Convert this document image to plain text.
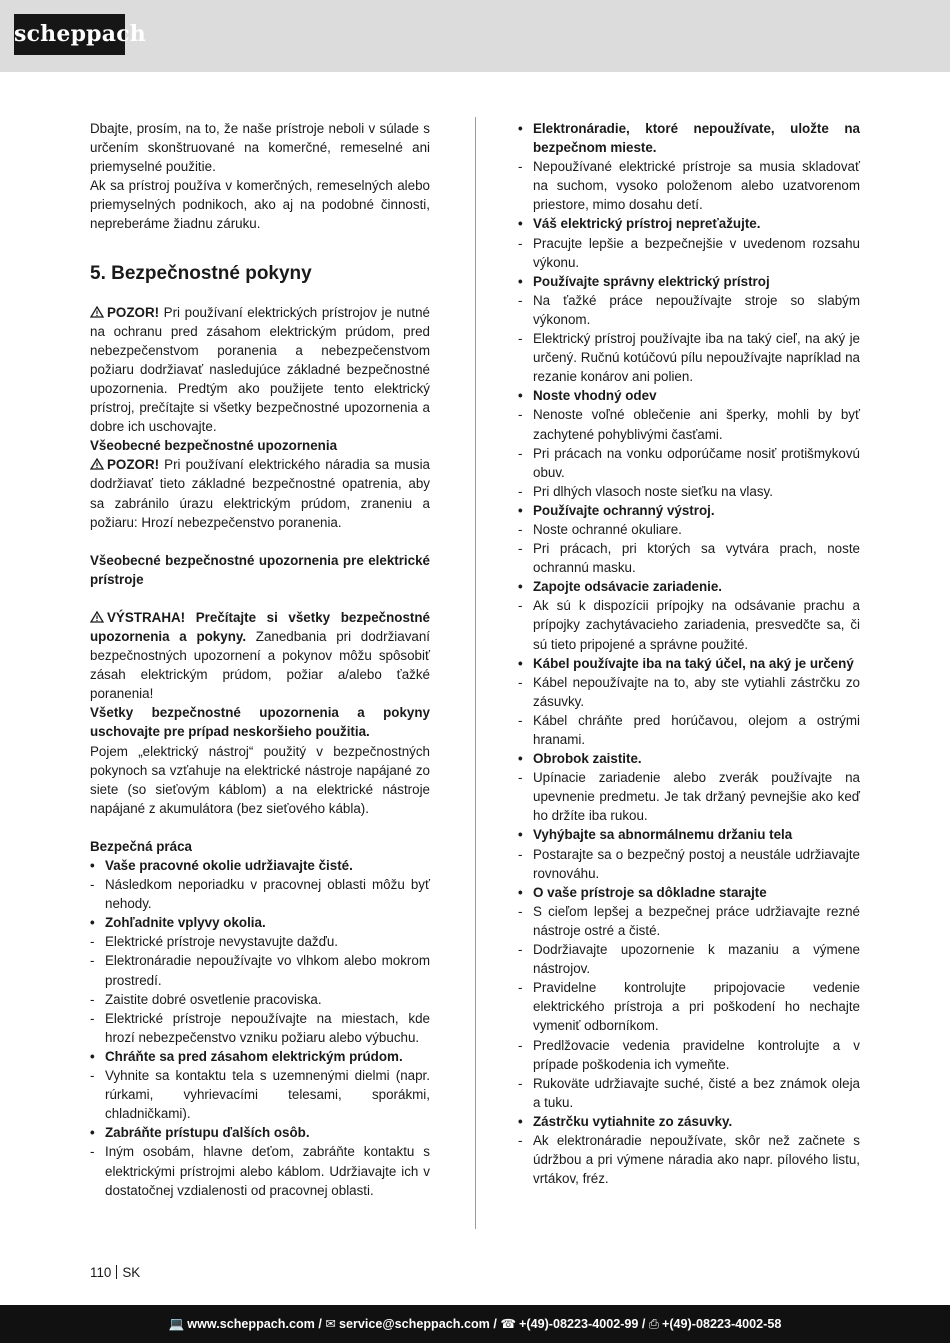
scheppach

Dbajte, prosím, na to, že naše prístroje neboli v súlade s určením skonštruované na komerčné, remeselné ani priemyselné použitie.

Ak sa prístroj používa v komerčných, remeselných alebo priemyselných podnikoch, ako aj na podobné činnosti, nepreberáme žiadnu záruku.

5. Bezpečnostné pokyny

POZOR! Pri používaní elektrických prístrojov je nutné na ochranu pred zásahom elektrickým prúdom, pred nebezpečenstvom poranenia a nebezpečenstvom požiaru dodržiavať nasledujúce základné bezpečnostné upozornenia. Predtým ako použijete tento elektrický prístroj, prečítajte si všetky bezpečnostné upozornenia a dobre ich uschovajte.

Všeobecné bezpečnostné upozornenia

POZOR! Pri používaní elektrického náradia sa musia dodržiavať tieto základné bezpečnostné opatrenia, aby sa zabránilo úrazu elektrickým prúdom, zraneniu a požiaru: Hrozí nebezpečenstvo poranenia.

Všeobecné bezpečnostné upozornenia pre elektrické prístroje

VÝSTRAHA! Prečítajte si všetky bezpečnostné upozornenia a pokyny. Zanedbania pri dodržiavaní bezpečnostných upozornení a pokynov môžu spôsobiť zásah elektrickým prúdom, požiar a/alebo ťažké poranenia!

Všetky bezpečnostné upozornenia a pokyny uschovajte pre prípad neskoršieho použitia.

Pojem „elektrický nástroj“ použitý v bezpečnostných pokynoch sa vzťahuje na elektrické nástroje napájané zo siete (so sieťovým káblom) a na elektrické nástroje napájané z akumulátora (bez sieťového kábla).

Bezpečná práca

• Vaše pracovné okolie udržiavajte čisté.
- Následkom neporiadku v pracovnej oblasti môžu byť nehody.
• Zohľadnite vplyvy okolia.
- Elektrické prístroje nevystavujte dažďu.
- Elektronáradie nepoužívajte vo vlhkom alebo mokrom prostredí.
- Zaistite dobré osvetlenie pracoviska.
- Elektrické prístroje nepoužívajte na miestach, kde hrozí nebezpečenstvo vzniku požiaru alebo výbuchu.
• Chráňte sa pred zásahom elektrickým prúdom.
- Vyhnite sa kontaktu tela s uzemnenými dielmi (napr. rúrkami, vyhrievacími telesami, sporákmi, chladničkami).
• Zabráňte prístupu ďalších osôb.
- Iným osobám, hlavne deťom, zabráňte kontaktu s elektrickými prístrojmi alebo káblom. Udržiavajte ich v dostatočnej vzdialenosti od pracovnej oblasti.
• Elektronáradie, ktoré nepoužívate, uložte na bezpečnom mieste.
- Nepoužívané elektrické prístroje sa musia skladovať na suchom, vysoko položenom alebo uzatvorenom priestore, mimo dosahu detí.
• Váš elektrický prístroj nepreťažujte.
- Pracujte lepšie a bezpečnejšie v uvedenom rozsahu výkonu.
• Používajte správny elektrický prístroj
- Na ťažké práce nepoužívajte stroje so slabým výkonom.
- Elektrický prístroj používajte iba na taký cieľ, na aký je určený. Ručnú kotúčovú pílu nepoužívajte napríklad na rezanie konárov ani polien.
• Noste vhodný odev
- Nenoste voľné oblečenie ani šperky, mohli by byť zachytené pohyblivými časťami.
- Pri prácach na vonku odporúčame nosiť protišmykovú obuv.
- Pri dlhých vlasoch noste sieťku na vlasy.
• Používajte ochranný výstroj.
- Noste ochranné okuliare.
- Pri prácach, pri ktorých sa vytvára prach, noste ochrannú masku.
• Zapojte odsávacie zariadenie.
- Ak sú k dispozícii prípojky na odsávanie prachu a prípojky zachytávacieho zariadenia, presvedčte sa, či sú tieto pripojené a správne použité.
• Kábel používajte iba na taký účel, na aký je určený
- Kábel nepoužívajte na to, aby ste vytiahli zástrčku zo zásuvky.
- Kábel chráňte pred horúčavou, olejom a ostrými hranami.
• Obrobok zaistite.
- Upínacie zariadenie alebo zverák používajte na upevnenie predmetu. Je tak držaný pevnejšie ako keď ho držíte iba rukou.
• Vyhýbajte sa abnormálnemu držaniu tela
- Postarajte sa o bezpečný postoj a neustále udržiavajte rovnováhu.
• O vaše prístroje sa dôkladne starajte
- S cieľom lepšej a bezpečnej práce udržiavajte rezné nástroje ostré a čisté.
- Dodržiavajte upozornenie k mazaniu a výmene nástrojov.
- Pravidelne kontrolujte pripojovacie vedenie elektrického prístroja a pri poškodení ho nechajte vymeniť odborníkom.
- Predlžovacie vedenia pravidelne kontrolujte a v prípade poškodenia ich vymeňte.
- Rukoväte udržiavajte suché, čisté a bez známok oleja a tuku.
• Zástrčku vytiahnite zo zásuvky.
- Ak elektronáradie nepoužívate, skôr než začnete s údržbou a pri výmene náradia ako napr. pílového listu, vrtákov, fréz.
110 SK
💻 www.scheppach.com / ✉ service@scheppach.com / ☎ +(49)-08223-4002-99 / ⎙ +(49)-08223-4002-58
